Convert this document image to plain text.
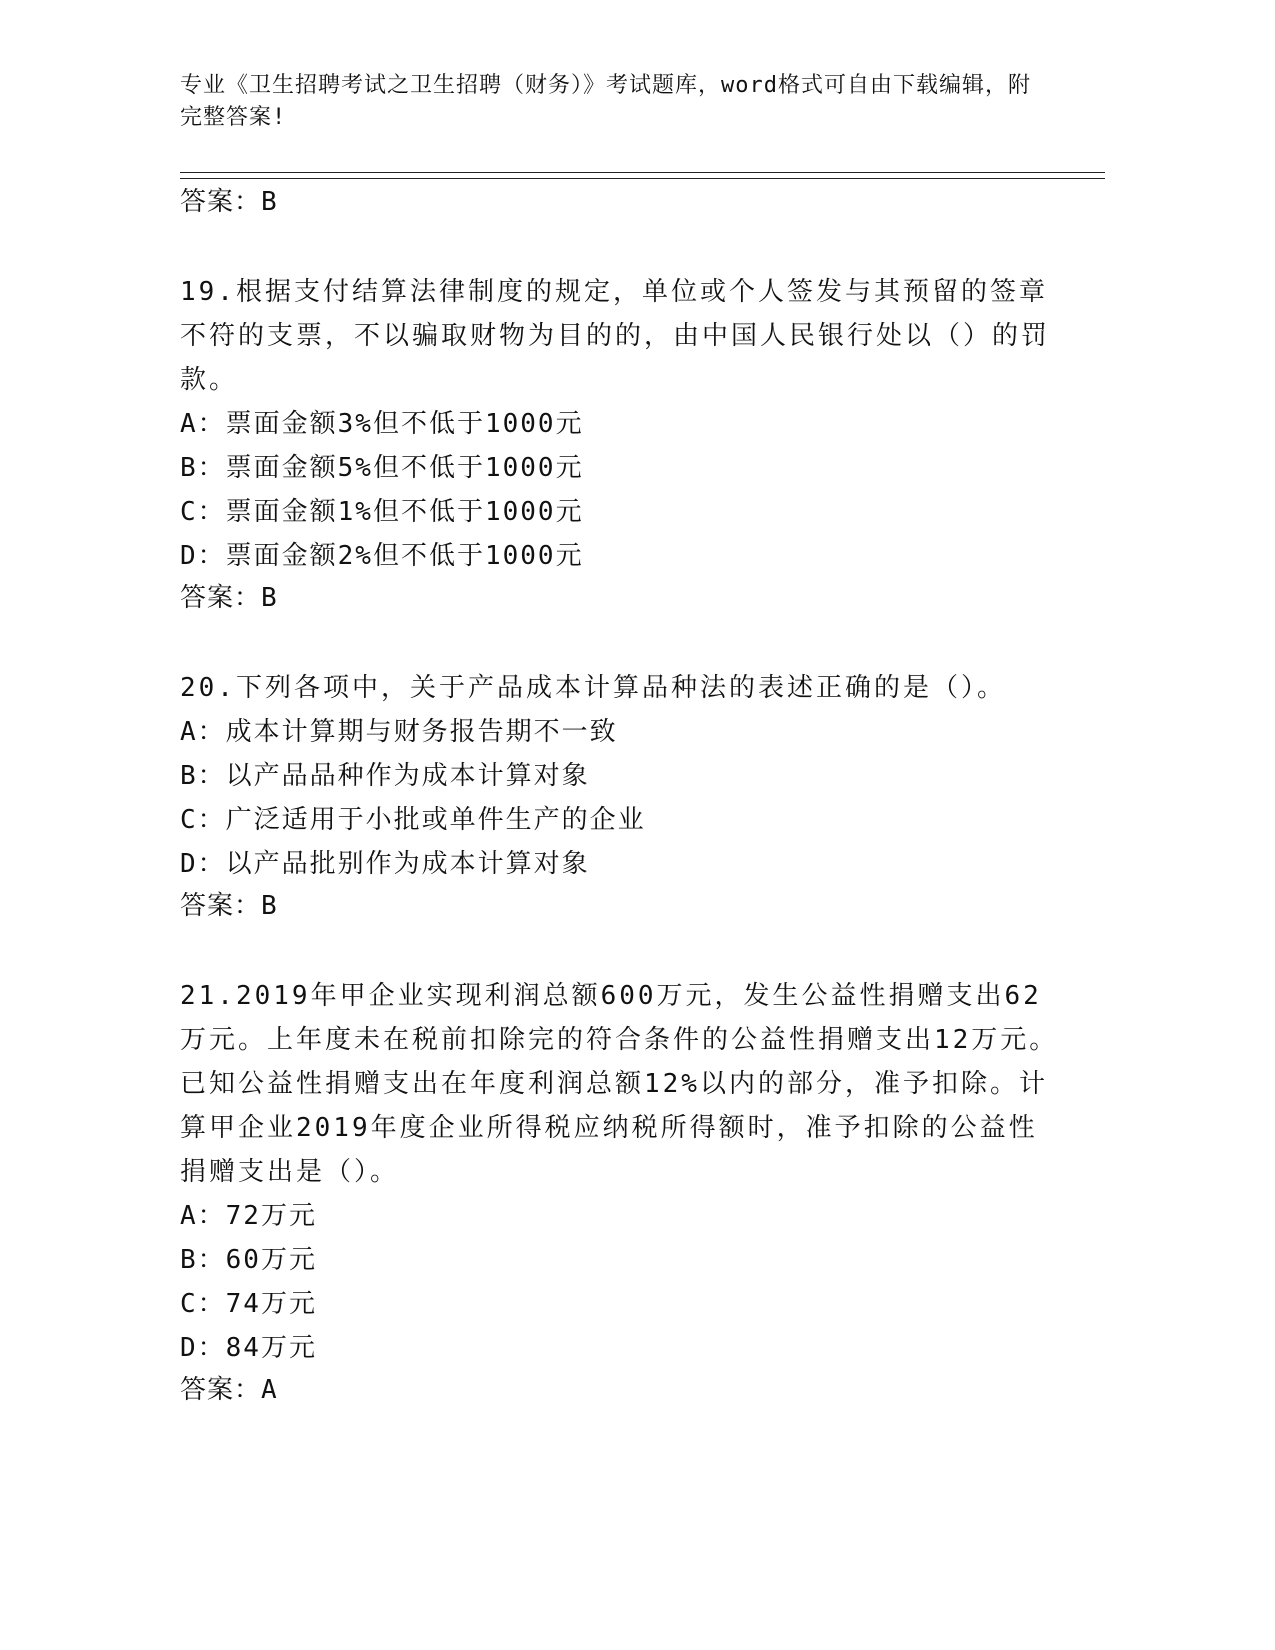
专业《卫生招聘考试之卫生招聘（财务）》考试题库，word格式可自由下载编辑，附完整答案!
答案：B

19.根据支付结算法律制度的规定，单位或个人签发与其预留的签章不符的支票，不以骗取财物为目的的，由中国人民银行处以（）的罚款。

A：票面金额3%但不低于1000元
B：票面金额5%但不低于1000元
C：票面金额1%但不低于1000元
D：票面金额2%但不低于1000元
答案：B

20.下列各项中，关于产品成本计算品种法的表述正确的是（）。

A：成本计算期与财务报告期不一致
B：以产品品种作为成本计算对象
C：广泛适用于小批或单件生产的企业
D：以产品批别作为成本计算对象
答案：B

21.2019年甲企业实现利润总额600万元，发生公益性捐赠支出62万元。上年度未在税前扣除完的符合条件的公益性捐赠支出12万元。已知公益性捐赠支出在年度利润总额12%以内的部分，准予扣除。计算甲企业2019年度企业所得税应纳税所得额时，准予扣除的公益性捐赠支出是（）。

A：72万元
B：60万元
C：74万元
D：84万元
答案：A
